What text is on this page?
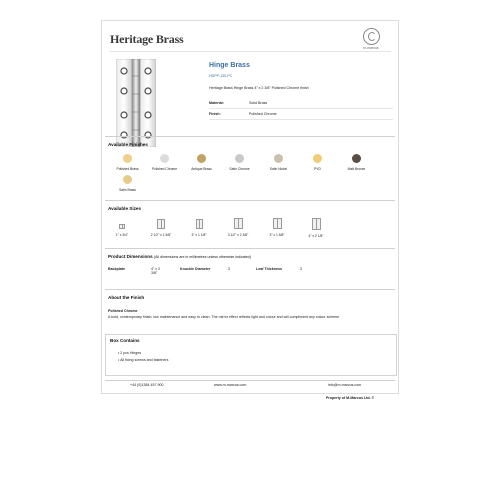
Heritage Brass
m-marcus
Hinge Brass
HDPP-130-PC
Heritage Brass Hinge Brass 4" x 2 3/8" Polished Chrome finish
Material:	Solid Brass
Finish:	Polished Chrome
Available Finishes
Polished Brass	Polished Chrome	Antique Brass	Satin Chrome	Satin Nickel	PVD	Matt Bronze
Satin Brass
Available Sizes
1" x 3/4"	2 1/2" x 1 5/8"	3" x 1 1/8"	3 1/2" x 2 3/8"	3" x 1 5/8"	4" x 2 1/8"
Product Dimensions (All dimensions are in millimetres unless otherwise indicated)
Backplate	4" x 2 3/8"
Knuckle Diameter	3	Leaf Thickness	3
About the Finish
Polished Chrome
A bold, contemporary finish; low maintenance and easy to clean. The mirror effect reflects light and colour and will compliment any colour scheme
Box Contains
• 2 pcs Hinges
• All fixing screws and fasteners
+44 (0)1384 457 900	www.m-marcus.com	info@m-marcus.com
Property of M-Marcus Ltd. ©
